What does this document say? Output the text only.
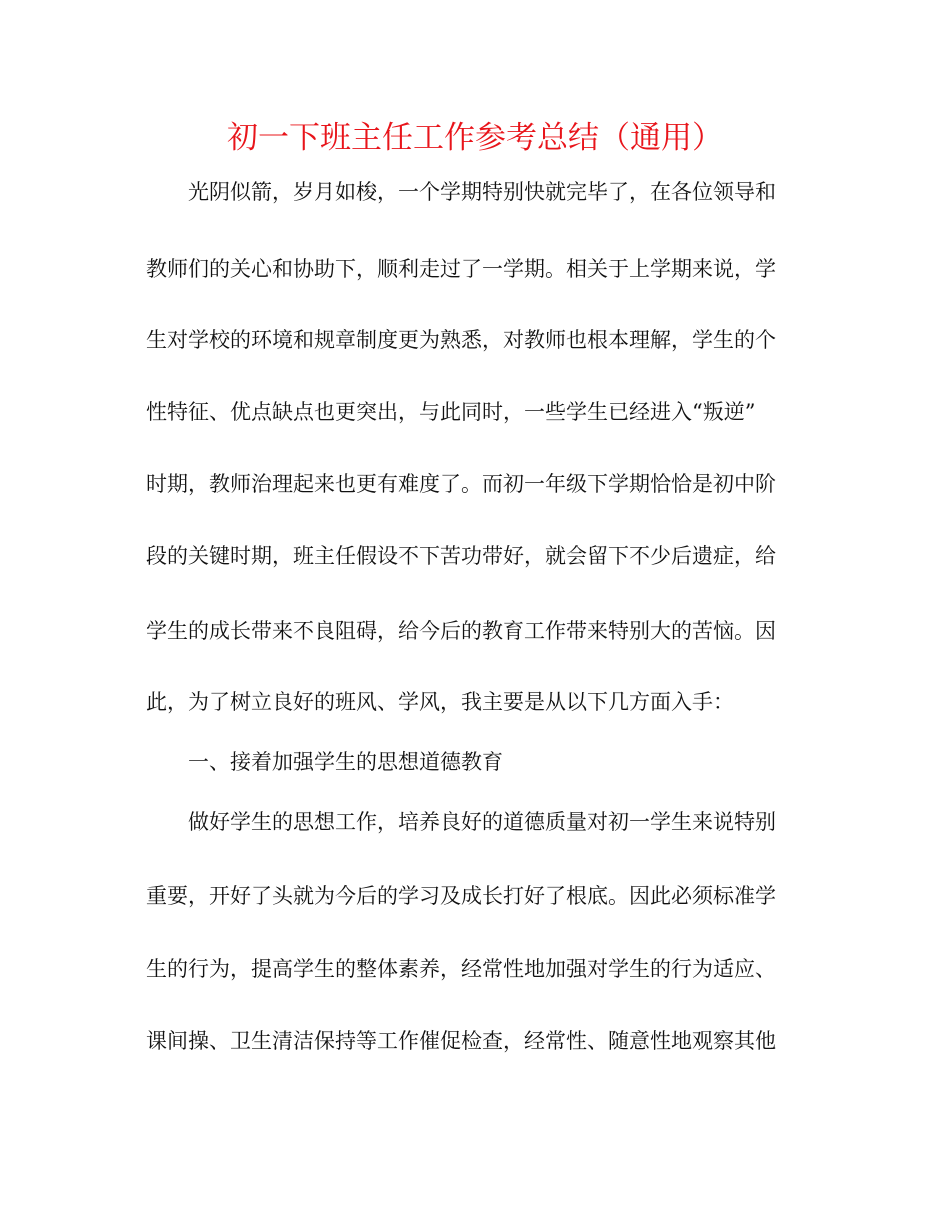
初一下班主任工作参考总结（通用）
光阴似箭，岁月如梭，一个学期特别快就完毕了，在各位领导和
教师们的关心和协助下，顺利走过了一学期。相关于上学期来说，学
生对学校的环境和规章制度更为熟悉，对教师也根本理解，学生的个
性特征、优点缺点也更突出，与此同时，一些学生已经进入“叛逆”
时期，教师治理起来也更有难度了。而初一年级下学期恰恰是初中阶
段的关键时期，班主任假设不下苦功带好，就会留下不少后遗症，给
学生的成长带来不良阻碍，给今后的教育工作带来特别大的苦恼。因
此，为了树立良好的班风、学风，我主要是从以下几方面入手：
一、接着加强学生的思想道德教育
做好学生的思想工作，培养良好的道德质量对初一学生来说特别
重要，开好了头就为今后的学习及成长打好了根底。因此必须标准学
生的行为，提高学生的整体素养，经常性地加强对学生的行为适应、
课间操、卫生清洁保持等工作催促检查，经常性、随意性地观察其他
